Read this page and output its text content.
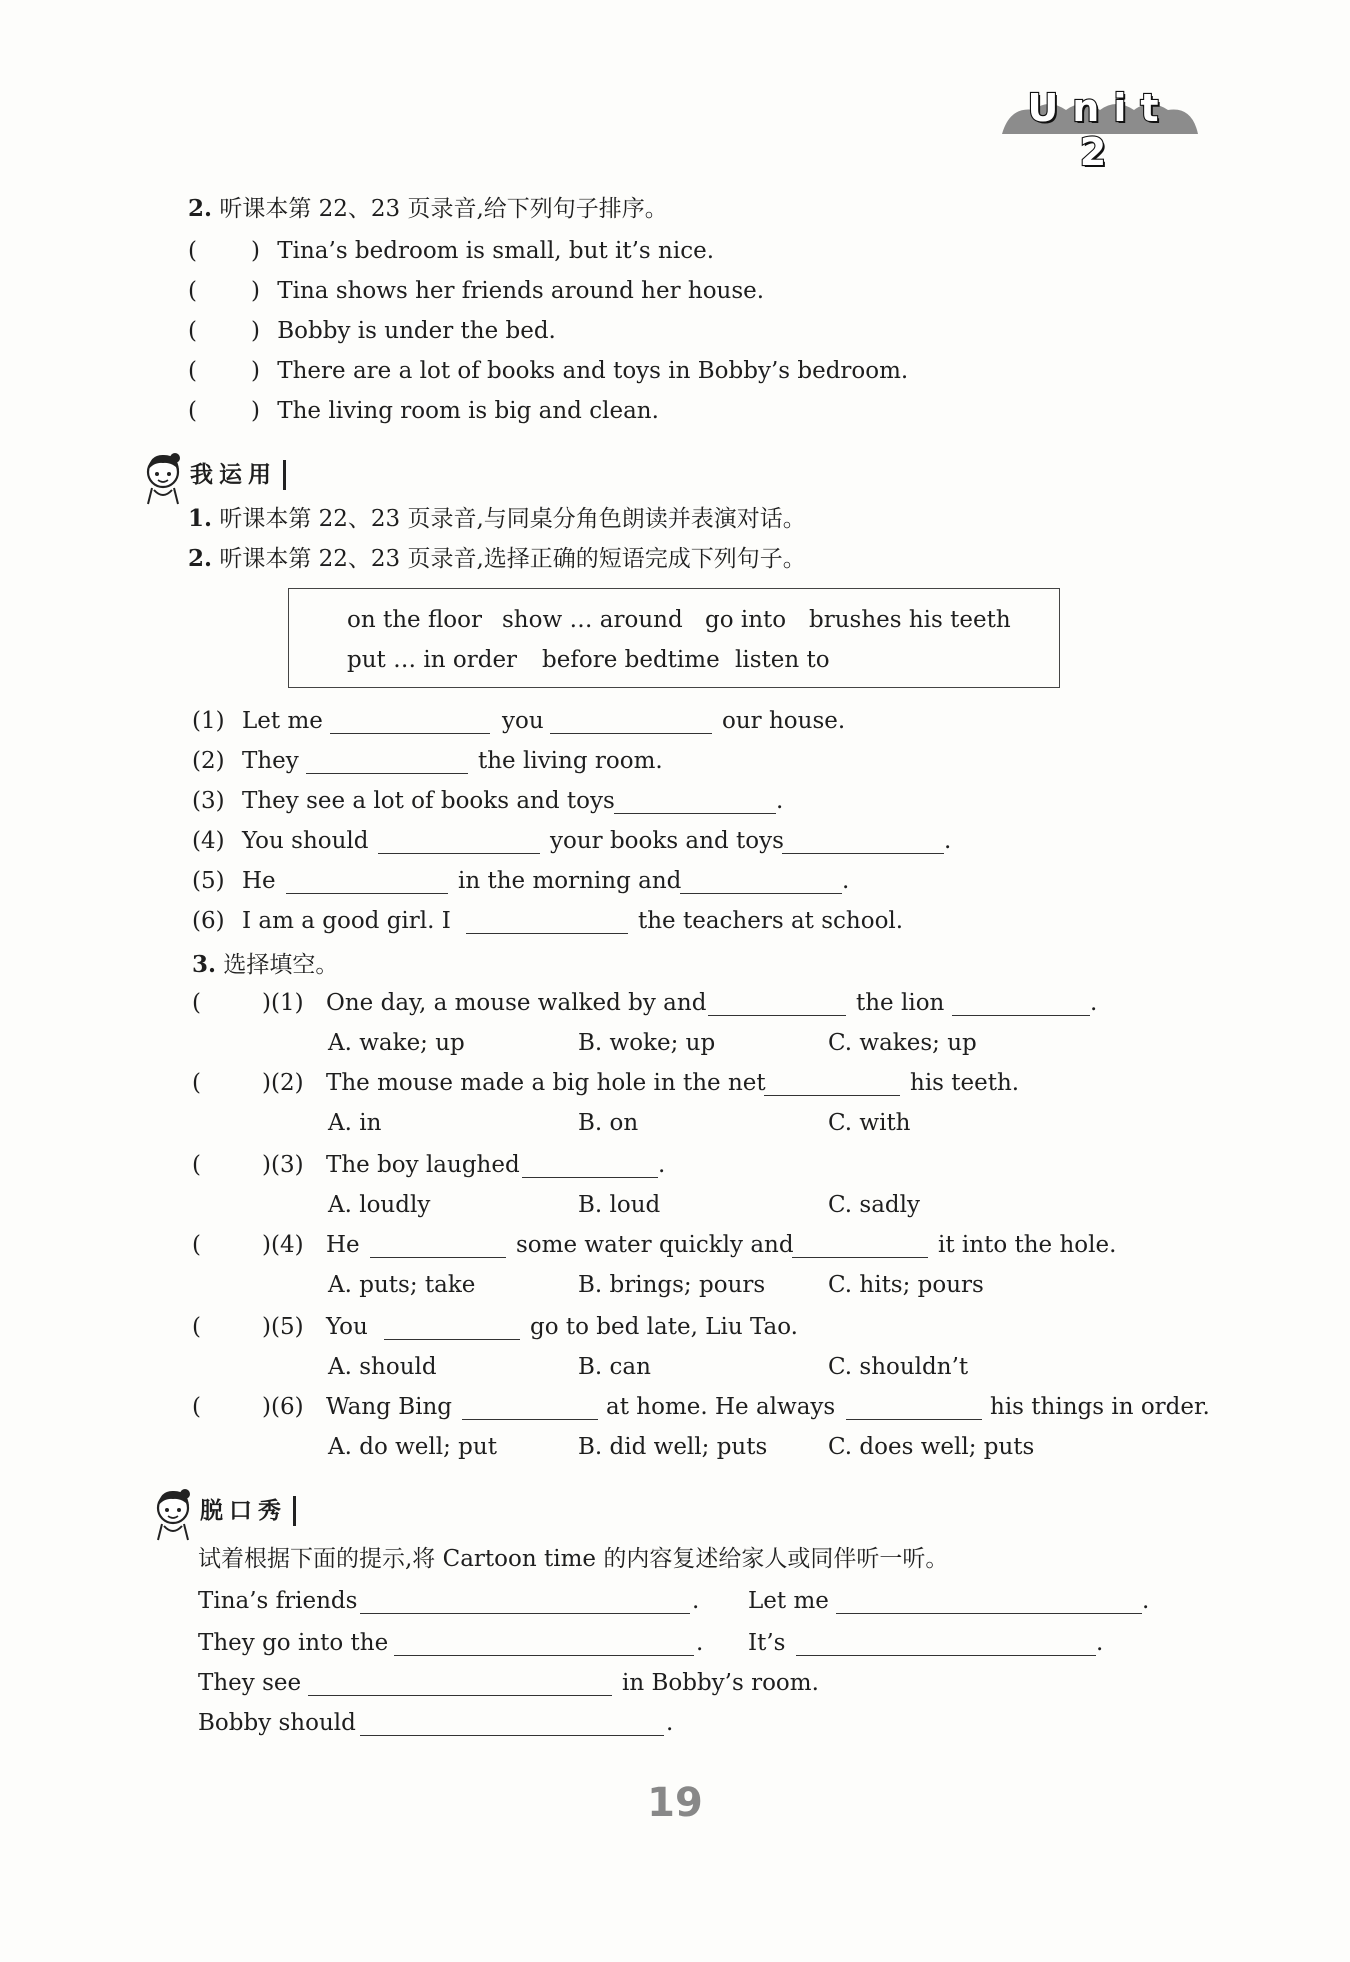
Unit 2
2. 听课本第 22、23 页录音,给下列句子排序。
( ) Tina’s bedroom is small, but it’s nice.
( ) Tina shows her friends around her house.
( ) Bobby is under the bed.
( ) There are a lot of books and toys in Bobby’s bedroom.
( ) The living room is big and clean.
我运用
1. 听课本第 22、23 页录音,与同桌分角色朗读并表演对话。
2. 听课本第 22、23 页录音,选择正确的短语完成下列句子。
on the floor show … around go into brushes his teeth
put … in order before bedtime listen to
(1) Let me	you	our house.
(2) They	the living room.
(3) They see a lot of books and toys	.
(4) You should	your books and toys	.
(5) He	in the morning and	.
(6) I am a good girl. I	the teachers at school.
3. 选择填空。
(	)(1) One day, a mouse walked by and	the lion	.
A. wake; up	B. woke; up	C. wakes; up
(	)(2) The mouse made a big hole in the net	his teeth.
A. in	B. on	C. with
(	)(3) The boy laughed	.
A. loudly	B. loud	C. sadly
(	)(4) He	some water quickly and	it into the hole.
A. puts; take	B. brings; pours	C. hits; pours
(	)(5) You	go to bed late, Liu Tao.
A. should	B. can	C. shouldn’t
(	)(6) Wang Bing	at home. He always	his things in order.
A. do well; put	B. did well; puts	C. does well; puts
脱口秀
试着根据下面的提示,将 Cartoon time 的内容复述给家人或同伴听一听。
Tina’s friends	. Let me	.
They go into the	. It’s	.
They see	in Bobby’s room.
Bobby should	.
19
